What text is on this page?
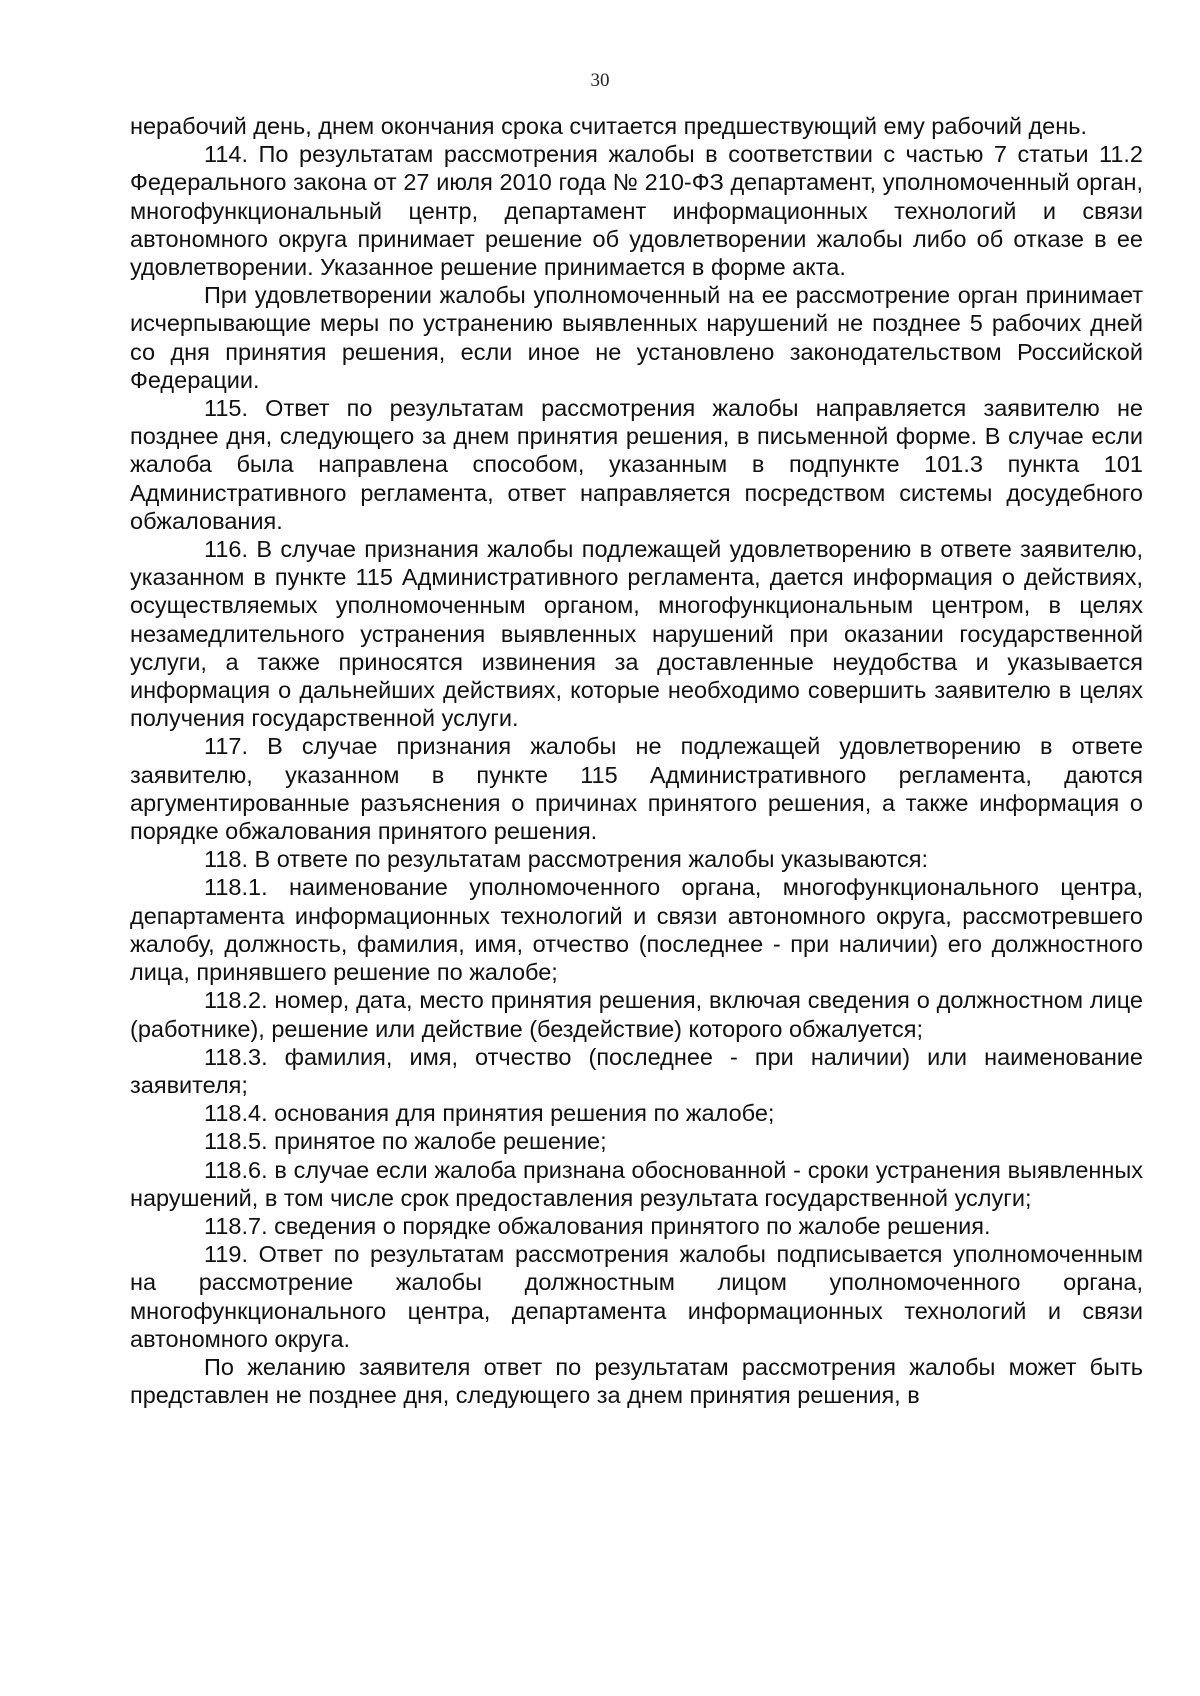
30

нерабочий день, днем окончания срока считается предшествующий ему рабочий день.

114. По результатам рассмотрения жалобы в соответствии с частью 7 статьи 11.2 Федерального закона от 27 июля 2010 года № 210-ФЗ департамент, уполномоченный орган, многофункциональный центр, департамент информационных технологий и связи автономного округа принимает решение об удовлетворении жалобы либо об отказе в ее удовлетворении. Указанное решение принимается в форме акта.

При удовлетворении жалобы уполномоченный на ее рассмотрение орган принимает исчерпывающие меры по устранению выявленных нарушений не позднее 5 рабочих дней со дня принятия решения, если иное не установлено законодательством Российской Федерации.

115. Ответ по результатам рассмотрения жалобы направляется заявителю не позднее дня, следующего за днем принятия решения, в письменной форме. В случае если жалоба была направлена способом, указанным в подпункте 101.3 пункта 101 Административного регламента, ответ направляется посредством системы досудебного обжалования.

116. В случае признания жалобы подлежащей удовлетворению в ответе заявителю, указанном в пункте 115 Административного регламента, дается информация о действиях, осуществляемых уполномоченным органом, многофункциональным центром, в целях незамедлительного устранения выявленных нарушений при оказании государственной услуги, а также приносятся извинения за доставленные неудобства и указывается информация о дальнейших действиях, которые необходимо совершить заявителю в целях получения государственной услуги.

117. В случае признания жалобы не подлежащей удовлетворению в ответе заявителю, указанном в пункте 115 Административного регламента, даются аргументированные разъяснения о причинах принятого решения, а также информация о порядке обжалования принятого решения.

118. В ответе по результатам рассмотрения жалобы указываются:

118.1. наименование уполномоченного органа, многофункционального центра, департамента информационных технологий и связи автономного округа, рассмотревшего жалобу, должность, фамилия, имя, отчество (последнее - при наличии) его должностного лица, принявшего решение по жалобе;

118.2. номер, дата, место принятия решения, включая сведения о должностном лице (работнике), решение или действие (бездействие) которого обжалуется;

118.3. фамилия, имя, отчество (последнее - при наличии) или наименование заявителя;

118.4. основания для принятия решения по жалобе;

118.5. принятое по жалобе решение;

118.6. в случае если жалоба признана обоснованной - сроки устранения выявленных нарушений, в том числе срок предоставления результата государственной услуги;

118.7. сведения о порядке обжалования принятого по жалобе решения.

119. Ответ по результатам рассмотрения жалобы подписывается уполномоченным на рассмотрение жалобы должностным лицом уполномоченного органа, многофункционального центра, департамента информационных технологий и связи автономного округа.

По желанию заявителя ответ по результатам рассмотрения жалобы может быть представлен не позднее дня, следующего за днем принятия решения, в
